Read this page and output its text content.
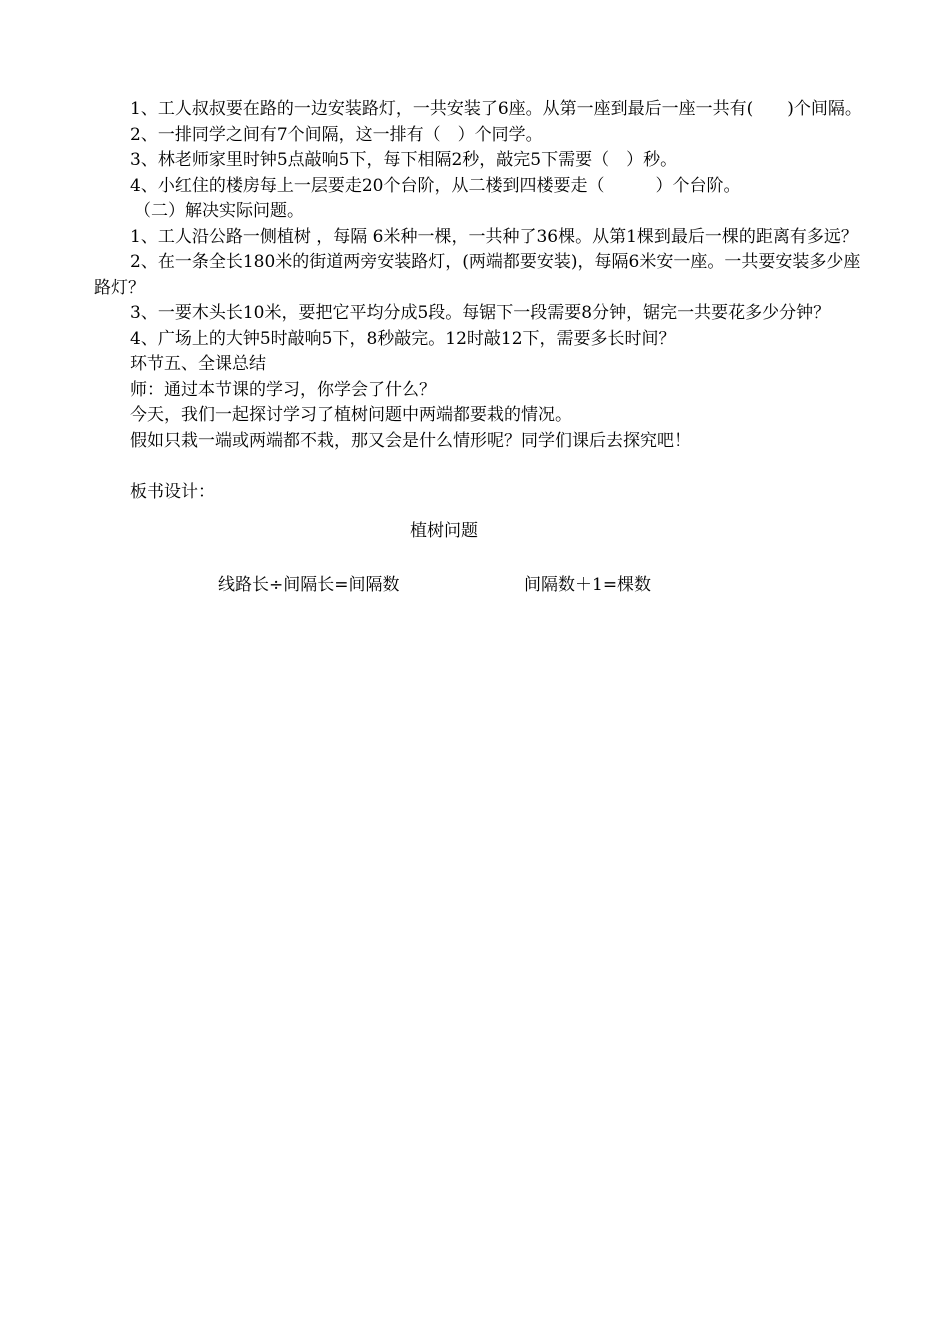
1、工人叔叔要在路的一边安装路灯，一共安装了6座。从第一座到最后一座一共有(　　)个间隔。

2、一排同学之间有7个间隔，这一排有（　）个同学。

3、林老师家里时钟5点敲响5下，每下相隔2秒，敲完5下需要（　）秒。

4、小红住的楼房每上一层要走20个台阶，从二楼到四楼要走（　　　）个台阶。

（二）解决实际问题。

1、工人沿公路一侧植树 ，每隔 6米种一棵，一共种了36棵。从第1棵到最后一棵的距离有多远？

2、在一条全长180米的街道两旁安装路灯，(两端都要安装)，每隔6米安一座。一共要安装多少座路灯？

3、一要木头长10米，要把它平均分成5段。每锯下一段需要8分钟，锯完一共要花多少分钟？

4、广场上的大钟5时敲响5下，8秒敲完。12时敲12下，需要多长时间？

环节五、全课总结

师：通过本节课的学习，你学会了什么？

今天，我们一起探讨学习了植树问题中两端都要栽的情况。

假如只栽一端或两端都不栽，那又会是什么情形呢？同学们课后去探究吧！

板书设计：

植树问题

线路长÷间隔长=间隔数	间隔数＋1=棵数
